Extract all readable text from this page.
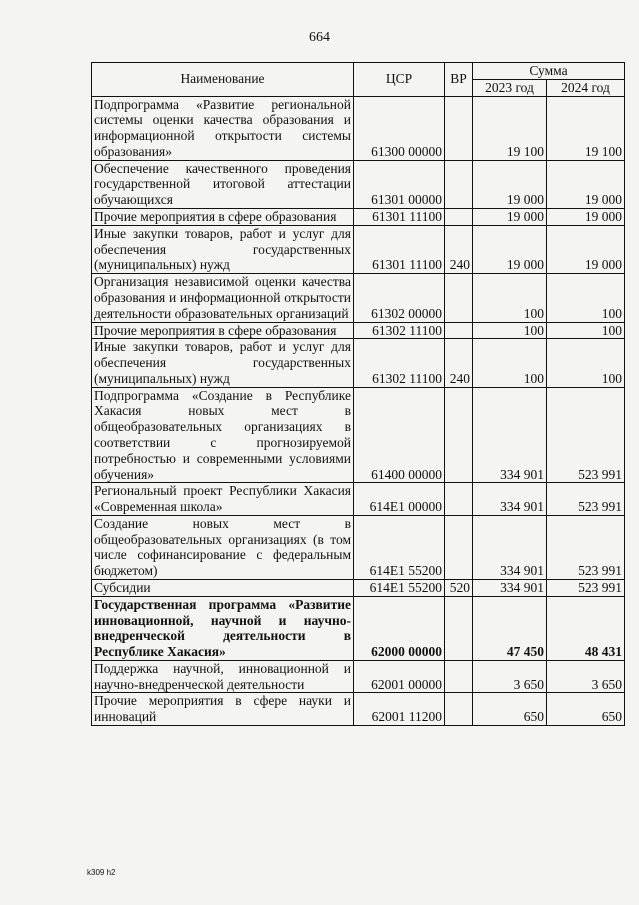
664
Наименование	ЦСР	ВР	Сумма	
			2023 год	2024 год
Подпрограмма «Развитие региональной системы оценки качества образования и информационной открытости системы образования»	61300 00000		19 100	19 100
Обеспечение качественного проведения государственной итоговой аттестации обучающихся	61301 00000		19 000	19 000
Прочие мероприятия в сфере образования	61301 11100		19 000	19 000
Иные закупки товаров, работ и услуг для обеспечения государственных (муниципальных) нужд	61301 11100	240	19 000	19 000
Организация независимой оценки качества образования и информационной открытости деятельности образовательных организаций	61302 00000		100	100
Прочие мероприятия в сфере образования	61302 11100		100	100
Иные закупки товаров, работ и услуг для обеспечения государственных (муниципальных) нужд	61302 11100	240	100	100
Подпрограмма «Создание в Республике Хакасия новых мест в общеобразовательных организациях в соответствии с прогнозируемой потребностью и современными условиями обучения»	61400 00000		334 901	523 991
Региональный проект Республики Хакасия «Современная школа»	614E1 00000		334 901	523 991
Создание новых мест в общеобразовательных организациях (в том числе софинансирование с федеральным бюджетом)	614E1 55200		334 901	523 991
Субсидии	614E1 55200	520	334 901	523 991
Государственная программа «Развитие инновационной, научной и научно-внедренческой деятельности в Республике Хакасия»	62000 00000		47 450	48 431
Поддержка научной, инновационной и научно-внедренческой деятельности	62001 00000		3 650	3 650
Прочие мероприятия в сфере науки и инноваций	62001 11200		650	650
k309 h2
